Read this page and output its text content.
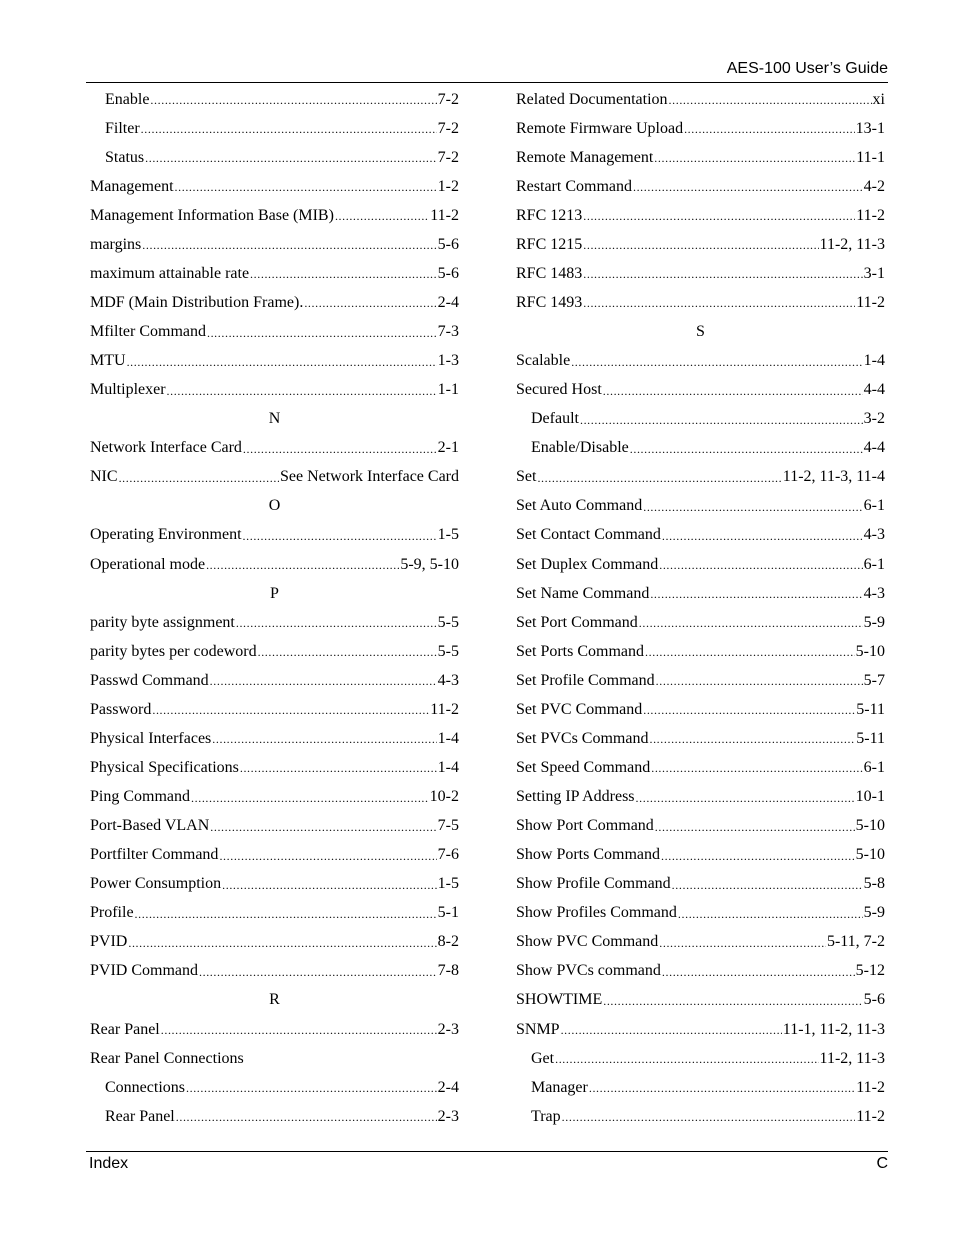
AES-100 User’s Guide
Enable .....	7-2
Filter .....	7-2
Status .....	7-2
Management .....	1-2
Management Information Base (MIB) .....	11-2
margins .....	5-6
maximum attainable rate .....	5-6
MDF (Main Distribution Frame). .....	2-4
Mfilter Command .....	7-3
MTU .....	1-3
Multiplexer .....	1-1
N
Network Interface Card .....	2-1
NIC .....	See Network Interface Card
O
Operating Environment .....	1-5
Operational mode .....	5-9, 5-10
P
parity byte assignment .....	5-5
parity bytes per codeword .....	5-5
Passwd Command .....	4-3
Password .....	11-2
Physical Interfaces .....	1-4
Physical Specifications .....	1-4
Ping Command .....	10-2
Port-Based VLAN .....	7-5
Portfilter Command .....	7-6
Power Consumption .....	1-5
Profile .....	5-1
PVID .....	8-2
PVID Command .....	7-8
R
Rear Panel .....	2-3
Rear Panel Connections
Connections .....	2-4
Rear Panel .....	2-3
Related Documentation .....	xi
Remote Firmware Upload .....	13-1
Remote Management .....	11-1
Restart Command .....	4-2
RFC 1213 .....	11-2
RFC 1215 .....	11-2, 11-3
RFC 1483 .....	3-1
RFC 1493 .....	11-2
S
Scalable .....	1-4
Secured Host .....	4-4
Default .....	3-2
Enable/Disable .....	4-4
Set .....	11-2, 11-3, 11-4
Set Auto Command .....	6-1
Set Contact Command .....	4-3
Set Duplex Command .....	6-1
Set Name Command .....	4-3
Set Port Command .....	5-9
Set Ports Command .....	5-10
Set Profile Command .....	5-7
Set PVC Command .....	5-11
Set PVCs Command .....	5-11
Set Speed Command .....	6-1
Setting IP Address .....	10-1
Show Port Command .....	5-10
Show Ports Command .....	5-10
Show Profile Command .....	5-8
Show Profiles Command .....	5-9
Show PVC Command .....	5-11, 7-2
Show PVCs command .....	5-12
SHOWTIME .....	5-6
SNMP .....	11-1, 11-2, 11-3
Get .....	11-2, 11-3
Manager .....	11-2
Trap .....	11-2
Index	C
